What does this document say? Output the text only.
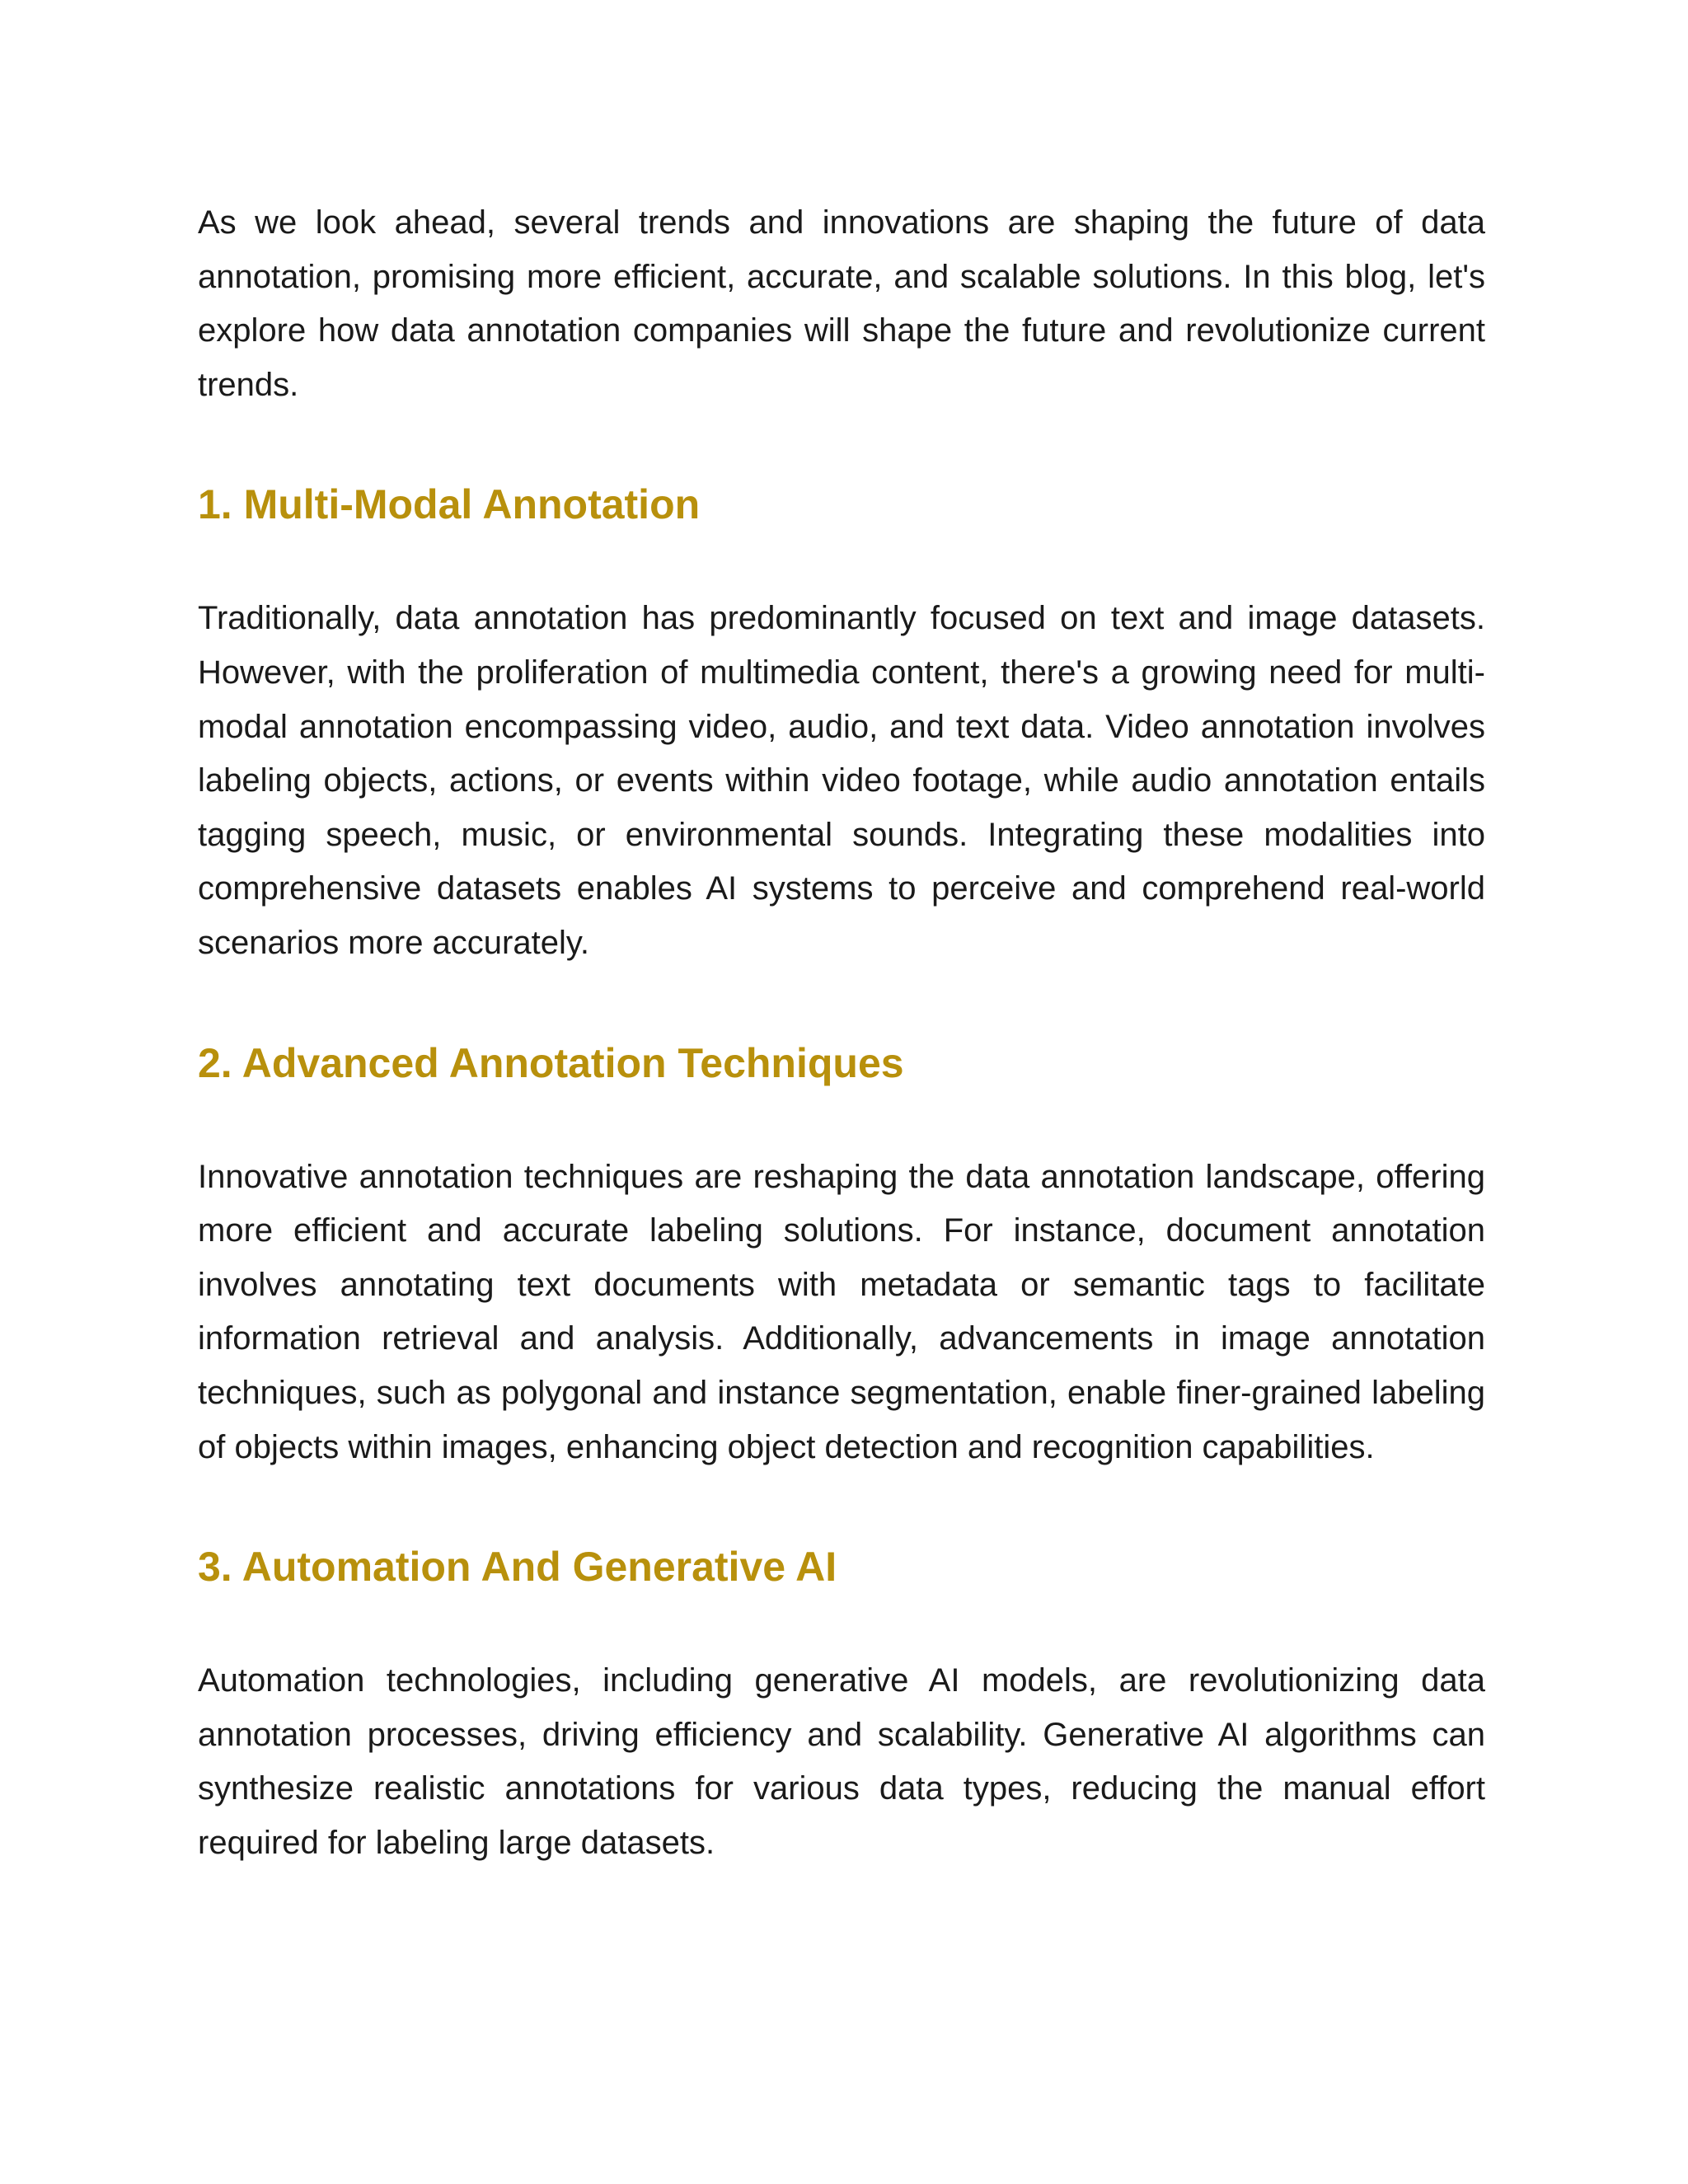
As we look ahead, several trends and innovations are shaping the future of data annotation, promising more efficient, accurate, and scalable solutions. In this blog, let's explore how data annotation companies will shape the future and revolutionize current trends.

1. Multi-Modal Annotation

Traditionally, data annotation has predominantly focused on text and image datasets. However, with the proliferation of multimedia content, there's a growing need for multi-modal annotation encompassing video, audio, and text data. Video annotation involves labeling objects, actions, or events within video footage, while audio annotation entails tagging speech, music, or environmental sounds. Integrating these modalities into comprehensive datasets enables AI systems to perceive and comprehend real-world scenarios more accurately.

2. Advanced Annotation Techniques

Innovative annotation techniques are reshaping the data annotation landscape, offering more efficient and accurate labeling solutions. For instance, document annotation involves annotating text documents with metadata or semantic tags to facilitate information retrieval and analysis. Additionally, advancements in image annotation techniques, such as polygonal and instance segmentation, enable finer-grained labeling of objects within images, enhancing object detection and recognition capabilities.

3. Automation And Generative AI

Automation technologies, including generative AI models, are revolutionizing data annotation processes, driving efficiency and scalability. Generative AI algorithms can synthesize realistic annotations for various data types, reducing the manual effort required for labeling large datasets.
